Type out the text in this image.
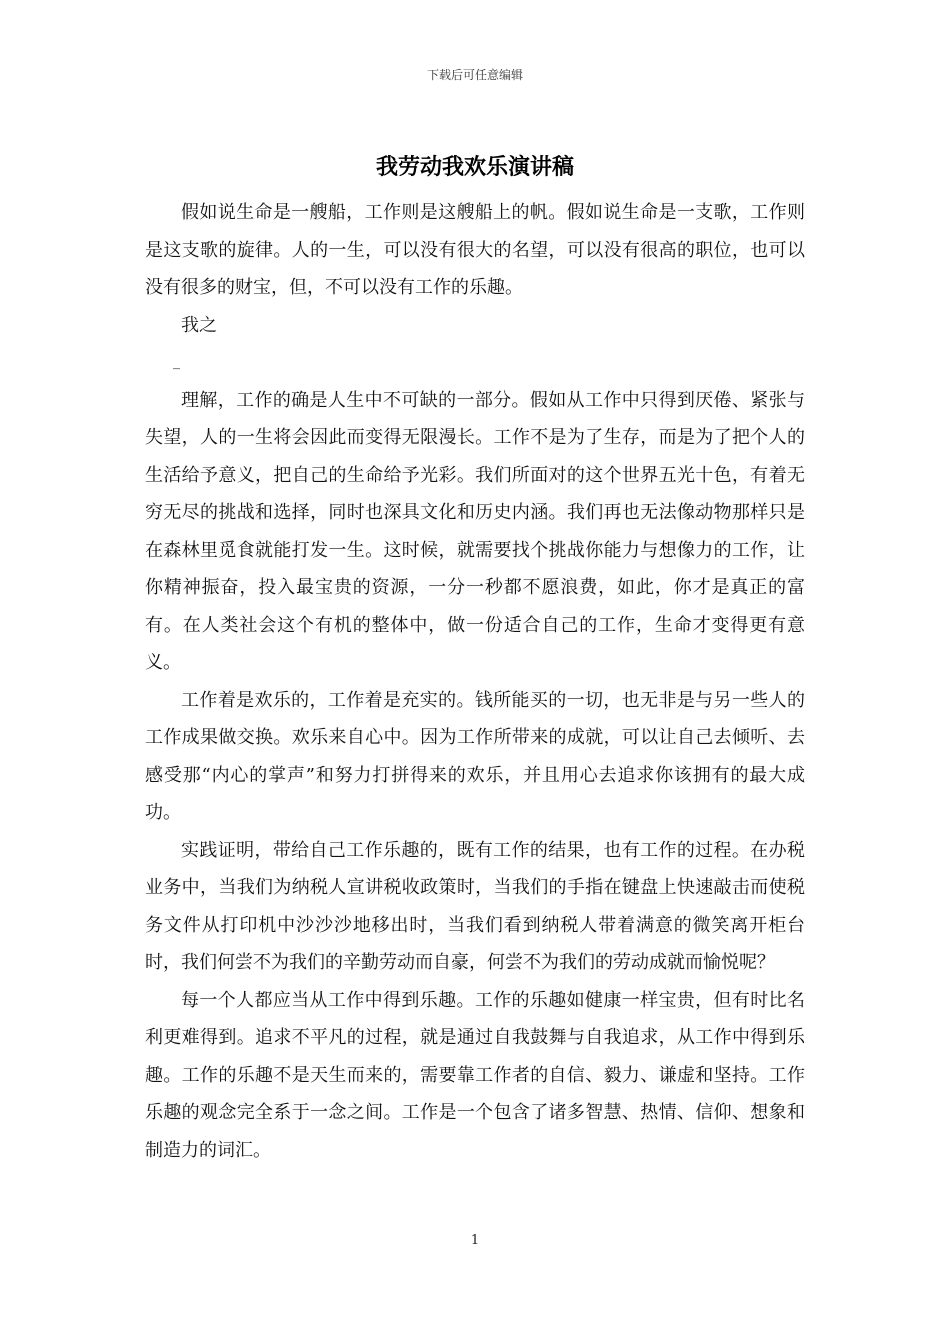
下载后可任意编辑
我劳动我欢乐演讲稿

假如说生命是一艘船，工作则是这艘船上的帆。假如说生命是一支歌，工作则是这支歌的旋律。人的一生，可以没有很大的名望，可以没有很高的职位，也可以没有很多的财宝，但，不可以没有工作的乐趣。

我之

_

理解，工作的确是人生中不可缺的一部分。假如从工作中只得到厌倦、紧张与失望，人的一生将会因此而变得无限漫长。工作不是为了生存，而是为了把个人的生活给予意义，把自己的生命给予光彩。我们所面对的这个世界五光十色，有着无穷无尽的挑战和选择，同时也深具文化和历史内涵。我们再也无法像动物那样只是在森林里觅食就能打发一生。这时候，就需要找个挑战你能力与想像力的工作，让你精神振奋，投入最宝贵的资源，一分一秒都不愿浪费，如此，你才是真正的富有。在人类社会这个有机的整体中，做一份适合自己的工作，生命才变得更有意义。

工作着是欢乐的，工作着是充实的。钱所能买的一切，也无非是与另一些人的工作成果做交换。欢乐来自心中。因为工作所带来的成就，可以让自己去倾听、去感受那“内心的掌声”和努力打拼得来的欢乐，并且用心去追求你该拥有的最大成功。

实践证明，带给自己工作乐趣的，既有工作的结果，也有工作的过程。在办税业务中，当我们为纳税人宣讲税收政策时，当我们的手指在键盘上快速敲击而使税务文件从打印机中沙沙沙地移出时，当我们看到纳税人带着满意的微笑离开柜台时，我们何尝不为我们的辛勤劳动而自豪，何尝不为我们的劳动成就而愉悦呢？

每一个人都应当从工作中得到乐趣。工作的乐趣如健康一样宝贵，但有时比名利更难得到。追求不平凡的过程，就是通过自我鼓舞与自我追求，从工作中得到乐趣。工作的乐趣不是天生而来的，需要靠工作者的自信、毅力、谦虚和坚持。工作乐趣的观念完全系于一念之间。工作是一个包含了诸多智慧、热情、信仰、想象和制造力的词汇。

1
